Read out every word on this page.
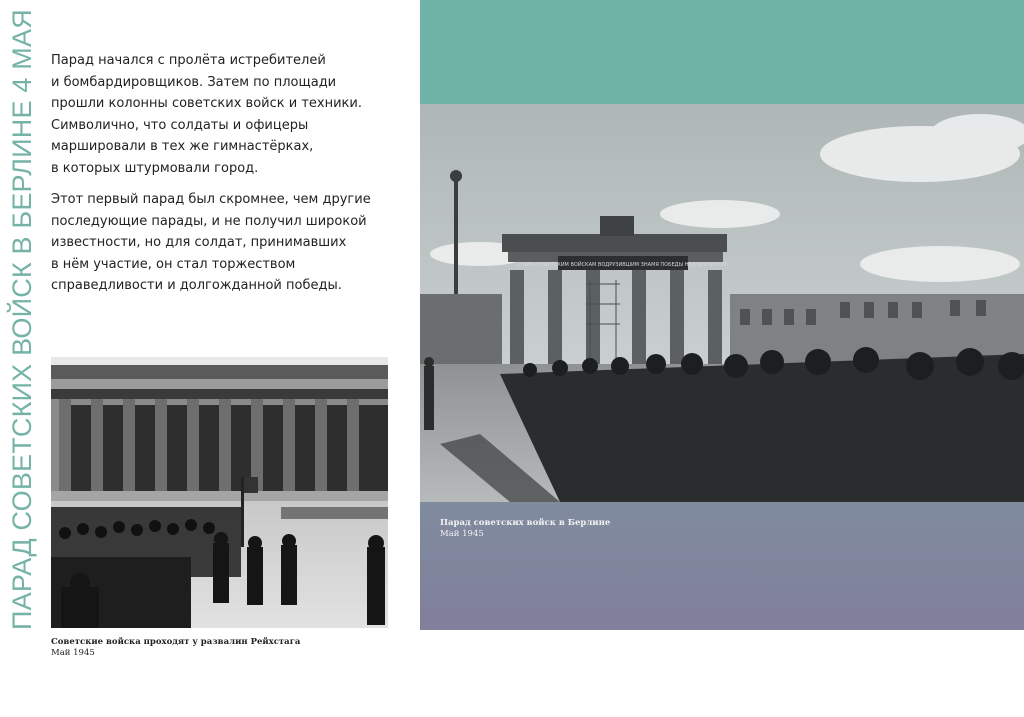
ПАРАД СОВЕТСКИХ ВОЙСК В БЕРЛИНЕ 4 МАЯ Парад начался с пролёта истребителей
и бомбардировщиков. Затем по площади
прошли колонны советских войск и техники.
Символично, что солдаты и офицеры
маршировали в тех же гимнастёрках,
в которых штурмовали город.

Этот первый парад был скромнее, чем другие
последующие парады, и не получил широкой
известности, но для солдат, принимавших
в нём участие, он стал торжеством
справедливости и долгожданной победы.

Советские войска проходят у развалин Рейхстага
Май 1945
СЛАВА СОВЕТСКИМ ВОЙСКАМ ВОДРУЗИВШИМ ЗНАМЯ ПОБЕДЫ НАД БЕРЛИНОМ!
Парад советских войск в Берлине
Май 1945
